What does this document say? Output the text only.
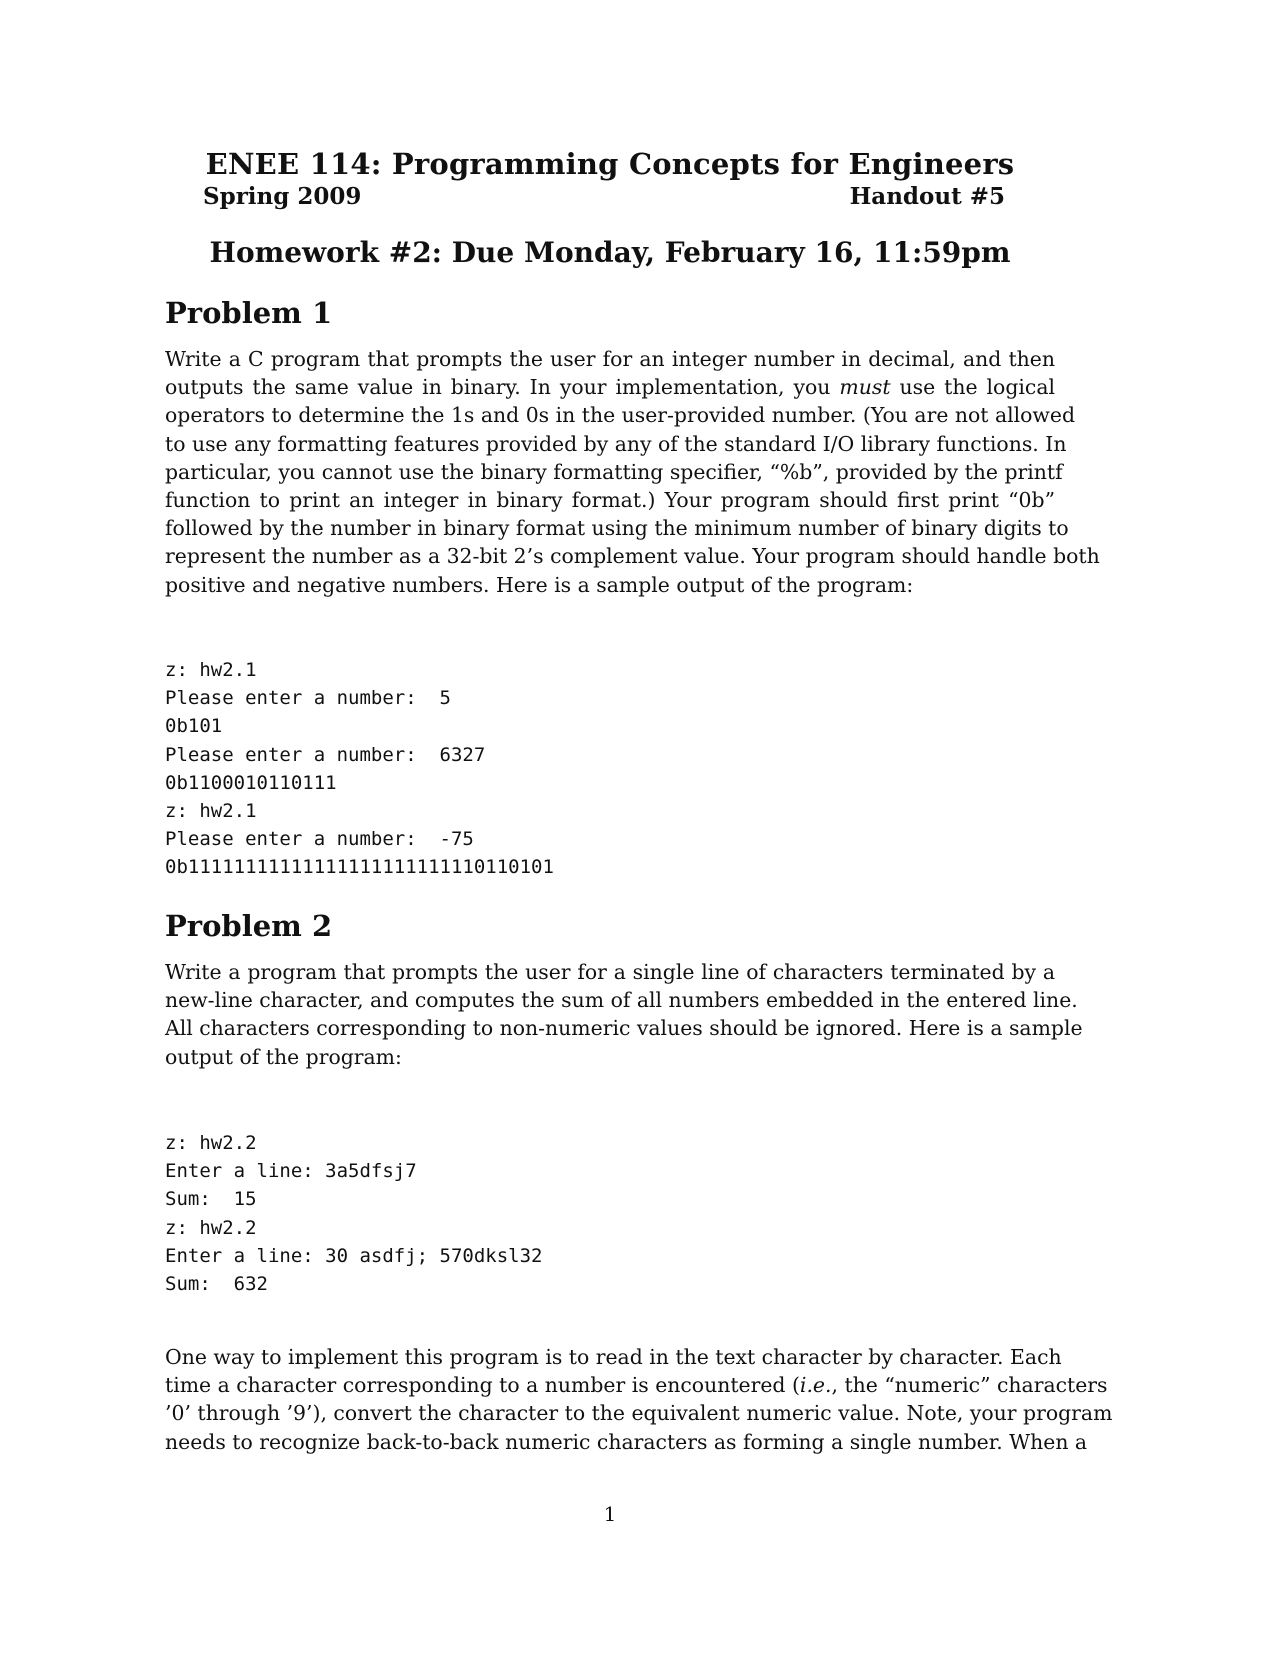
ENEE 114: Programming Concepts for Engineers
Spring 2009	Handout #5
Homework #2: Due Monday, February 16, 11:59pm
Problem 1
Write a C program that prompts the user for an integer number in decimal, and then
outputs the same value in binary. In your implementation, you must use the logical
operators to determine the 1s and 0s in the user-provided number. (You are not allowed
to use any formatting features provided by any of the standard I/O library functions. In
particular, you cannot use the binary formatting specifier, “%b”, provided by the printf
function to print an integer in binary format.) Your program should first print “0b”
followed by the number in binary format using the minimum number of binary digits to
represent the number as a 32-bit 2’s complement value. Your program should handle both
positive and negative numbers. Here is a sample output of the program:
z: hw2.1
Please enter a number:  5
0b101
Please enter a number:  6327
0b1100010110111
z: hw2.1
Please enter a number:  -75
0b11111111111111111111111110110101
Problem 2
Write a program that prompts the user for a single line of characters terminated by a
new-line character, and computes the sum of all numbers embedded in the entered line.
All characters corresponding to non-numeric values should be ignored. Here is a sample
output of the program:
z: hw2.2
Enter a line: 3a5dfsj7
Sum:  15
z: hw2.2
Enter a line: 30 asdfj; 570dksl32
Sum:  632
One way to implement this program is to read in the text character by character. Each
time a character corresponding to a number is encountered (i.e., the “numeric” characters
’0’ through ’9’), convert the character to the equivalent numeric value. Note, your program
needs to recognize back-to-back numeric characters as forming a single number. When a
1
